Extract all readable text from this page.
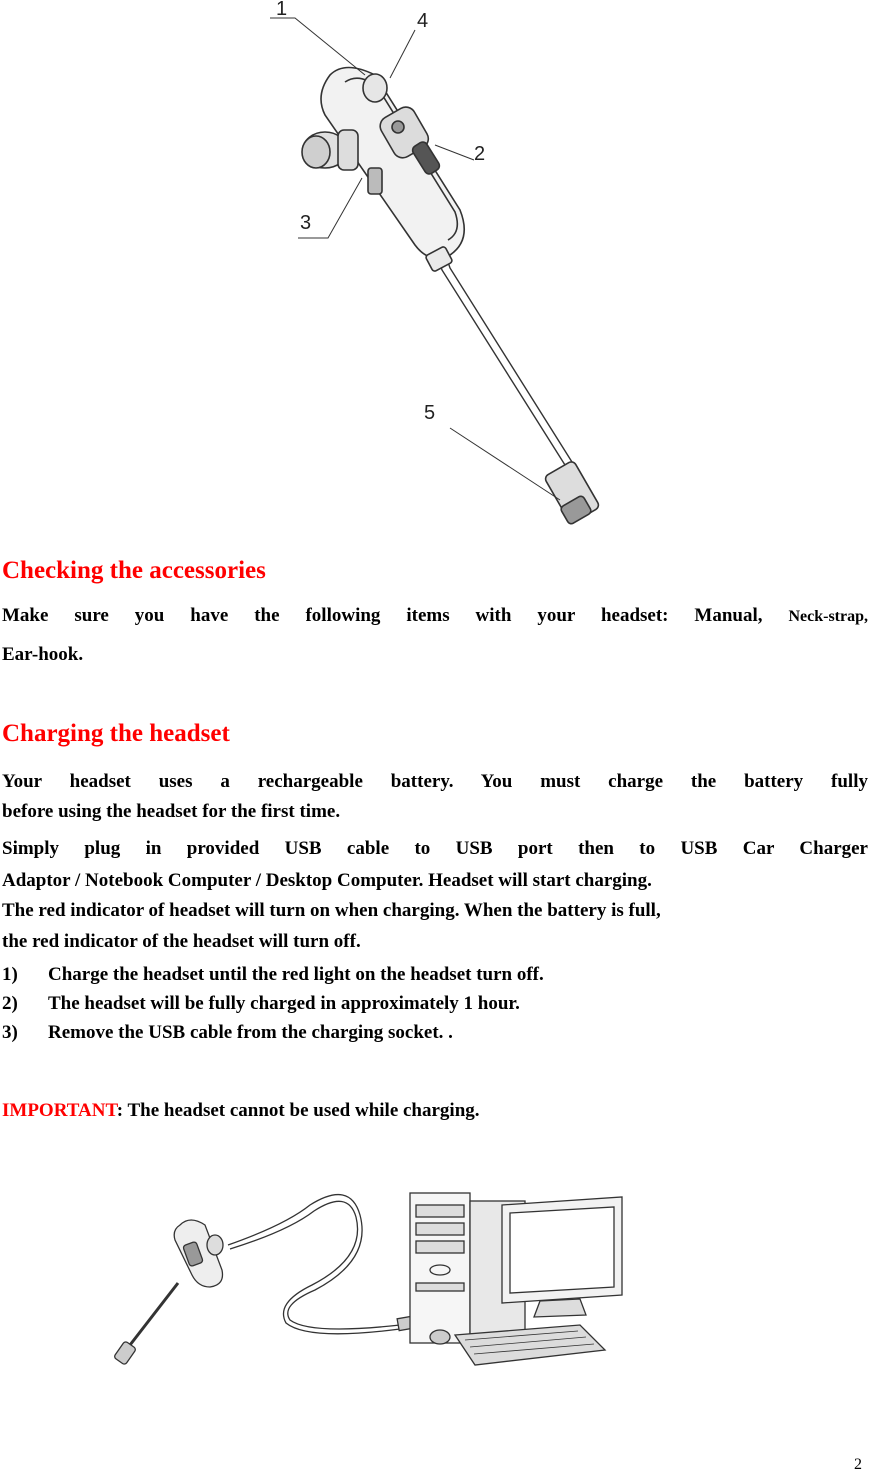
1
4
2
3
5
Checking the accessories

Make sure you have the following items with your headset: Manual, Neck-strap,

Ear-hook.

Charging the headset

Your headset uses a rechargeable battery. You must charge the battery fully

before using the headset for the first time.

Simply plug in provided USB cable to USB port then to USB Car Charger

Adaptor / Notebook Computer / Desktop Computer. Headset will start charging.

The red indicator of headset will turn on when charging. When the battery is full,

the red indicator of the headset will turn off.

1)	Charge the headset until the red light on the headset turn off.
2)	The headset will be fully charged in approximately 1 hour.
3)	Remove the USB cable from the charging socket. .
IMPORTANT: The headset cannot be used while charging.
2
